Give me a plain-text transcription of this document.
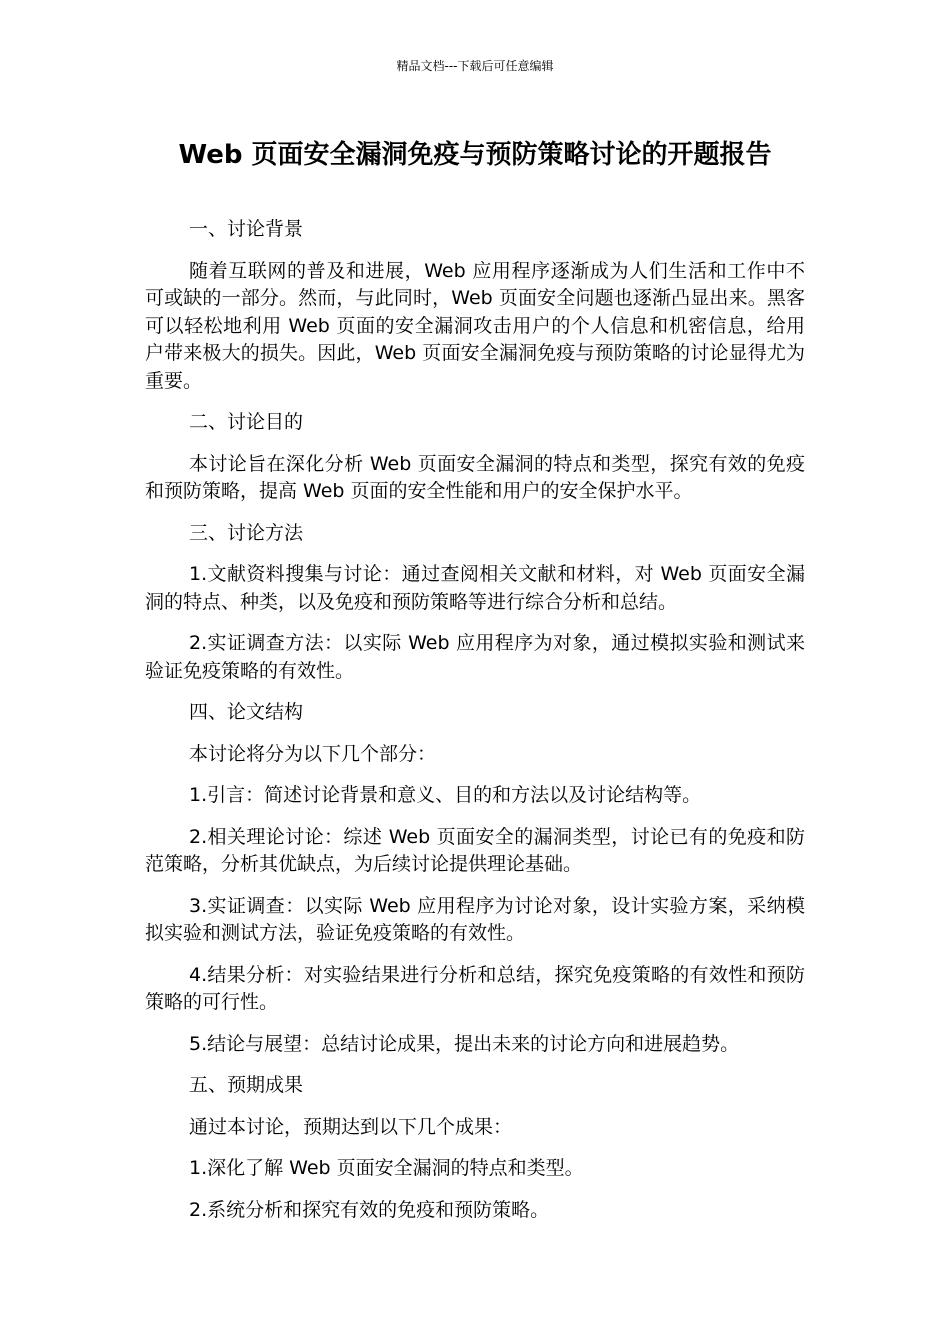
精品文档---下载后可任意编辑
Web 页面安全漏洞免疫与预防策略讨论的开题报告

一、讨论背景

随着互联网的普及和进展，Web 应用程序逐渐成为人们生活和工作中不可或缺的一部分。然而，与此同时，Web 页面安全问题也逐渐凸显出来。黑客可以轻松地利用 Web 页面的安全漏洞攻击用户的个人信息和机密信息，给用户带来极大的损失。因此，Web 页面安全漏洞免疫与预防策略的讨论显得尤为重要。

二、讨论目的

本讨论旨在深化分析 Web 页面安全漏洞的特点和类型，探究有效的免疫和预防策略，提高 Web 页面的安全性能和用户的安全保护水平。

三、讨论方法

1.文献资料搜集与讨论：通过查阅相关文献和材料，对 Web 页面安全漏洞的特点、种类，以及免疫和预防策略等进行综合分析和总结。

2.实证调查方法：以实际 Web 应用程序为对象，通过模拟实验和测试来验证免疫策略的有效性。

四、论文结构

本讨论将分为以下几个部分：

1.引言：简述讨论背景和意义、目的和方法以及讨论结构等。

2.相关理论讨论：综述 Web 页面安全的漏洞类型，讨论已有的免疫和防范策略，分析其优缺点，为后续讨论提供理论基础。

3.实证调查：以实际 Web 应用程序为讨论对象，设计实验方案，采纳模拟实验和测试方法，验证免疫策略的有效性。

4.结果分析：对实验结果进行分析和总结，探究免疫策略的有效性和预防策略的可行性。

5.结论与展望：总结讨论成果，提出未来的讨论方向和进展趋势。

五、预期成果

通过本讨论，预期达到以下几个成果：

1.深化了解 Web 页面安全漏洞的特点和类型。

2.系统分析和探究有效的免疫和预防策略。
